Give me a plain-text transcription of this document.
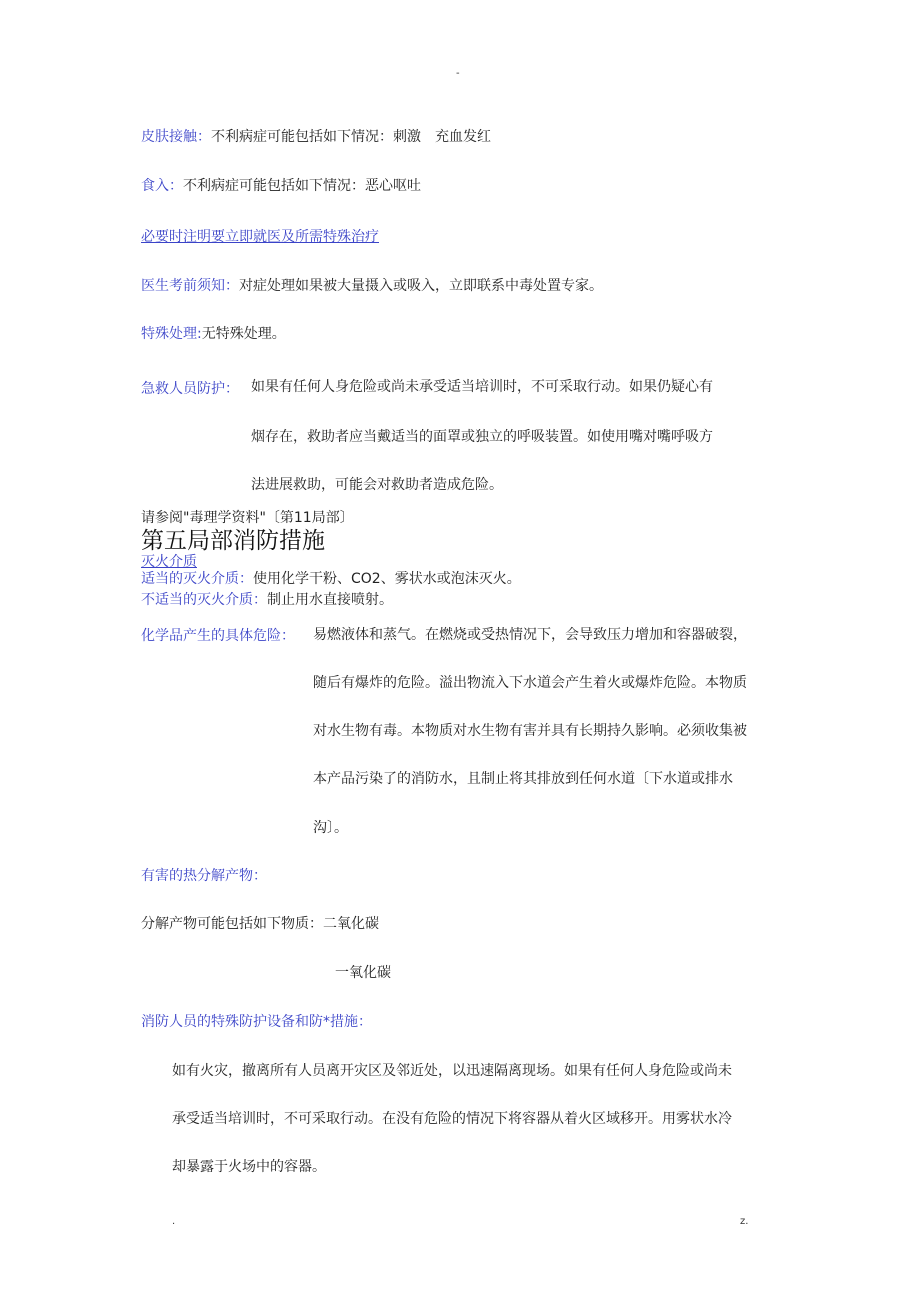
-
皮肤接触：不利病症可能包括如下情况：刺激　充血发红
食入：不利病症可能包括如下情况：恶心呕吐
必要时注明要立即就医及所需特殊治疗
医生考前须知：对症处理如果被大量摄入或吸入，立即联系中毒处置专家。
特殊处理:无特殊处理。
急救人员防护： 如果有任何人身危险或尚未承受适当培训时，不可采取行动。如果仍疑心有
烟存在，救助者应当戴适当的面罩或独立的呼吸装置。如使用嘴对嘴呼吸方
法进展救助，可能会对救助者造成危险。
请参阅"毒理学资料"〔第11局部〕
第五局部消防措施
灭火介质
适当的灭火介质：使用化学干粉、CO2、雾状水或泡沫灭火。
不适当的灭火介质：制止用水直接喷射。
化学品产生的具体危险： 易燃液体和蒸气。在燃烧或受热情况下，会导致压力增加和容器破裂，
随后有爆炸的危险。溢出物流入下水道会产生着火或爆炸危险。本物质
对水生物有毒。本物质对水生物有害并具有长期持久影响。必须收集被
本产品污染了的消防水，且制止将其排放到任何水道〔下水道或排水
沟〕。
有害的热分解产物：
分解产物可能包括如下物质：二氧化碳
一氧化碳
消防人员的特殊防护设备和防*措施：
如有火灾，撤离所有人员离开灾区及邻近处，以迅速隔离现场。如果有任何人身危险或尚未
承受适当培训时，不可采取行动。在没有危险的情况下将容器从着火区域移开。用雾状水冷
却暴露于火场中的容器。
.	z.
